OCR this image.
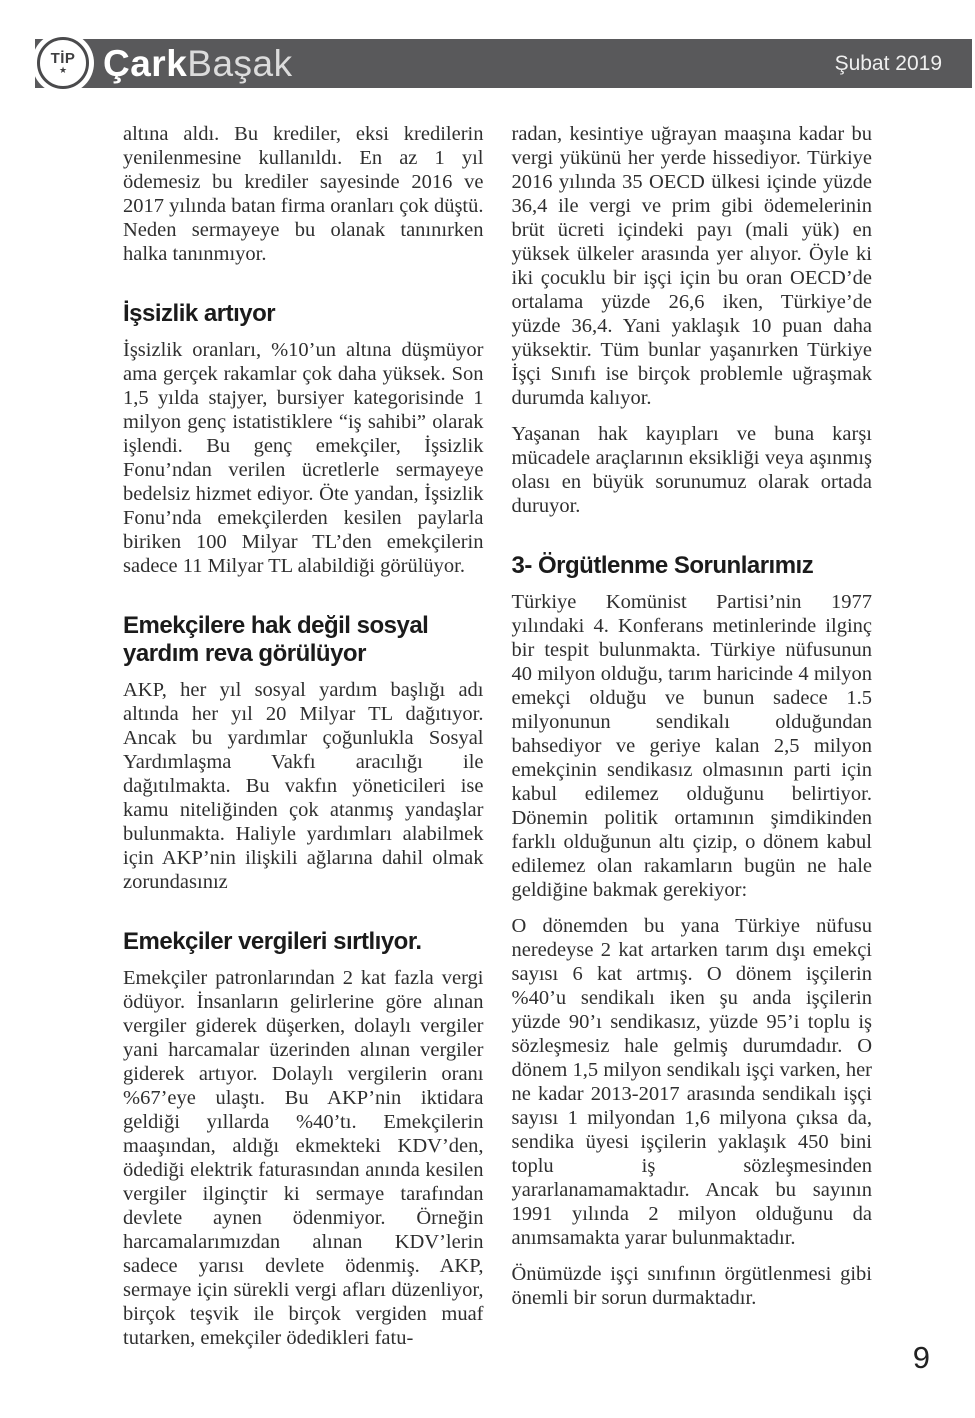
TİP
★ ÇarkBaşak	Şubat 2019

altına aldı. Bu krediler, eksi kredilerin yenilenmesine kullanıldı. En az 1 yıl ödemesiz bu krediler sayesinde 2016 ve 2017 yılında batan firma oranları çok düştü. Neden sermayeye bu olanak tanınırken halka tanınmıyor.

İşsizlik artıyor

İşsizlik oranları, %10’un altına düşmüyor ama gerçek rakamlar çok daha yüksek. Son 1,5 yılda stajyer, bursiyer kategorisinde 1 milyon genç istatistiklere “iş sahibi” olarak işlendi. Bu genç emekçiler, İşsizlik Fonu’ndan verilen ücretlerle sermayeye bedelsiz hizmet ediyor. Öte yandan, İşsizlik Fonu’nda emekçilerden kesilen paylarla biriken 100 Milyar TL’den emekçilerin sadece 11 Milyar TL alabildiği görülüyor.

Emekçilere hak değil sosyal yardım reva görülüyor

AKP, her yıl sosyal yardım başlığı adı altında her yıl 20 Milyar TL dağıtıyor. Ancak bu yardımlar çoğunlukla Sosyal Yardımlaşma Vakfı aracılığı ile dağıtılmakta. Bu vakfın yöneticileri ise kamu niteliğinden çok atanmış yandaşlar bulunmakta. Haliyle yardımları alabilmek için AKP’nin ilişkili ağlarına dahil olmak zorundasınız

Emekçiler vergileri sırtlıyor.

Emekçiler patronlarından 2 kat fazla vergi ödüyor. İnsanların gelirlerine göre alınan vergiler giderek düşerken, dolaylı vergiler yani harcamalar üzerinden alınan vergiler giderek artıyor. Dolaylı vergilerin oranı %67’eye ulaştı. Bu AKP’nin iktidara geldiği yıllarda %40’tı. Emekçilerin maaşından, aldığı ekmekteki KDV’den, ödediği elektrik faturasından anında kesilen vergiler ilginçtir ki sermaye tarafından devlete aynen ödenmiyor. Örneğin harcamalarımızdan alınan KDV’lerin sadece yarısı devlete ödenmiş. AKP, sermaye için sürekli vergi afları düzenliyor, birçok teşvik ile birçok vergiden muaf tutarken, emekçiler ödedikleri fatu-

radan, kesintiye uğrayan maaşına kadar bu vergi yükünü her yerde hissediyor. Türkiye 2016 yılında 35 OECD ülkesi içinde yüzde 36,4 ile vergi ve prim gibi ödemelerinin brüt ücreti içindeki payı (mali yük) en yüksek ülkeler arasında yer alıyor. Öyle ki iki çocuklu bir işçi için bu oran OECD’de ortalama yüzde 26,6 iken, Türkiye’de yüzde 36,4. Yani yaklaşık 10 puan daha yüksektir. Tüm bunlar yaşanırken Türkiye İşçi Sınıfı ise birçok problemle uğraşmak durumda kalıyor.

Yaşanan hak kayıpları ve buna karşı mücadele araçlarının eksikliği veya aşınmış olası en büyük sorunumuz olarak ortada duruyor.

3- Örgütlenme Sorunlarımız

Türkiye Komünist Partisi’nin 1977 yılındaki 4. Konferans metinlerinde ilginç bir tespit bulunmakta. Türkiye nüfusunun 40 milyon olduğu, tarım haricinde 4 milyon emekçi olduğu ve bunun sadece 1.5 milyonunun sendikalı olduğundan bahsediyor ve geriye kalan 2,5 milyon emekçinin sendikasız olmasının parti için kabul edilemez olduğunu belirtiyor. Dönemin politik ortamının şimdikinden farklı olduğunun altı çizip, o dönem kabul edilemez olan rakamların bugün ne hale geldiğine bakmak gerekiyor:

O dönemden bu yana Türkiye nüfusu neredeyse 2 kat artarken tarım dışı emekçi sayısı 6 kat artmış. O dönem işçilerin %40’u sendikalı iken şu anda işçilerin yüzde 90’ı sendikasız, yüzde 95’i toplu iş sözleşmesiz hale gelmiş durumdadır. O dönem 1,5 milyon sendikalı işçi varken, her ne kadar 2013-2017 arasında sendikalı işçi sayısı 1 milyondan 1,6 milyona çıksa da, sendika üyesi işçilerin yaklaşık 450 bini toplu iş sözleşmesinden yararlanamamaktadır. Ancak bu sayının 1991 yılında 2 milyon olduğunu da anımsamakta yarar bulunmaktadır.

Önümüzde işçi sınıfının örgütlenmesi gibi önemli bir sorun durmaktadır.

9
